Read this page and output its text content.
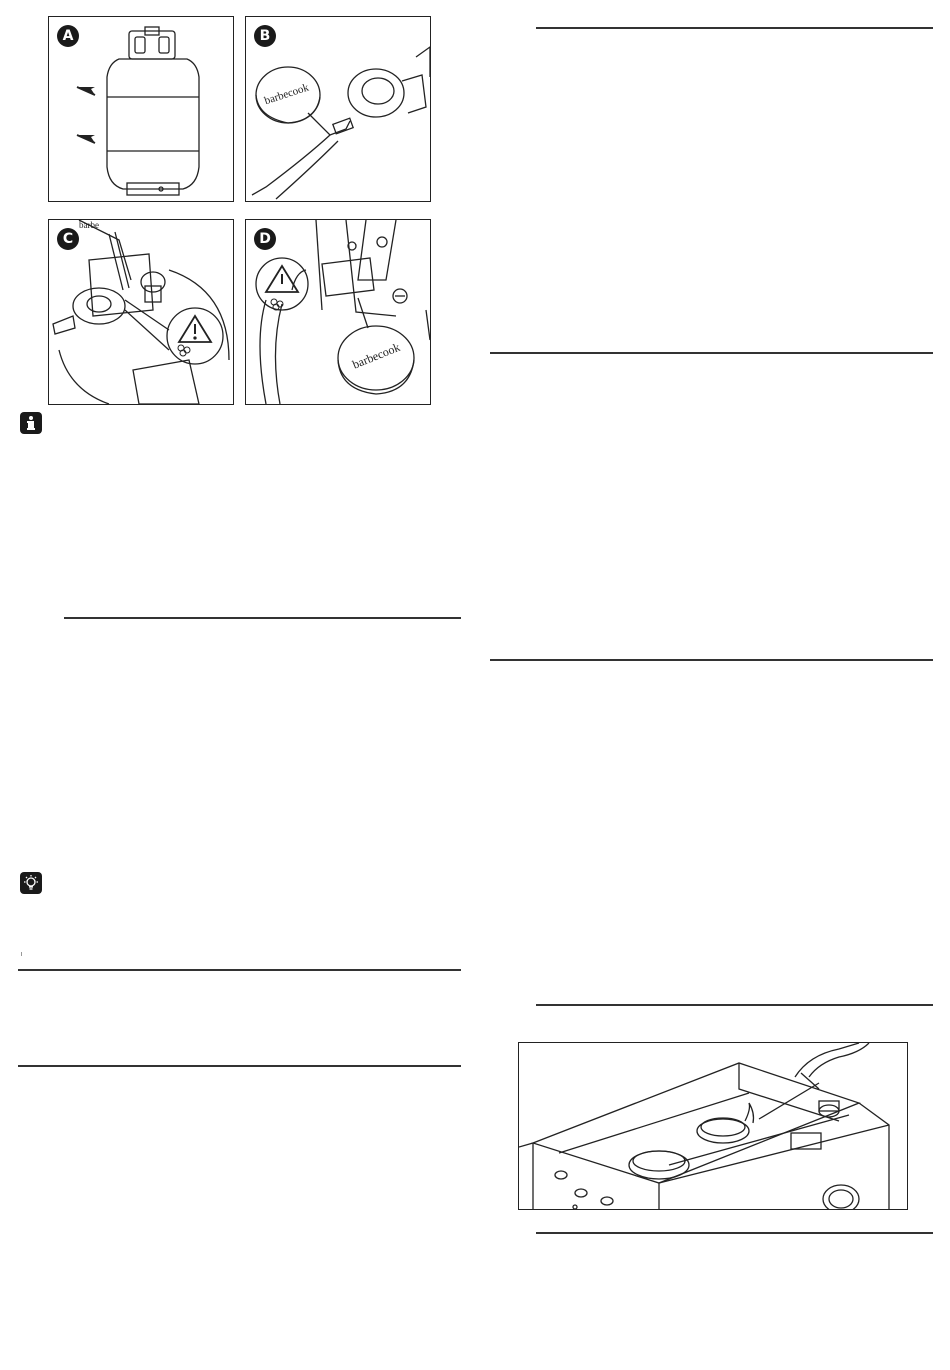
A
barbecook
B
barbe
C
barbecook
D
